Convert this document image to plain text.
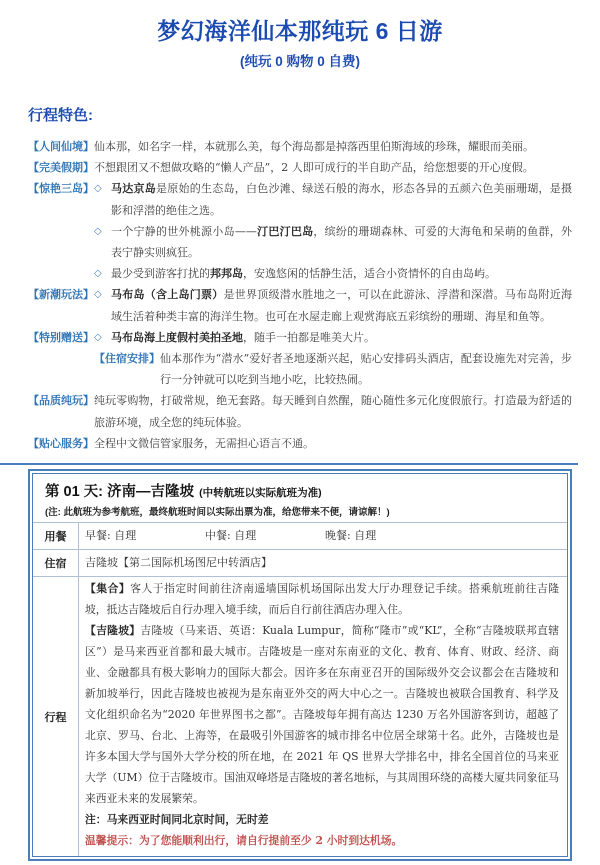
梦幻海洋仙本那纯玩 6 日游
(纯玩 0 购物 0 自费)
行程特色:
【人间仙境】 仙本那，如名字一样，本就那么美，每个海岛都是掉落西里伯斯海域的珍珠，耀眼而美丽。
【完美假期】 不想跟团又不想做攻略的“懒人产品”，2 人即可成行的半自助产品，给您想要的开心度假。
【惊艳三岛】 ◇ 马达京岛是原始的生态岛，白色沙滩、绿送石般的海水，形态各异的五颜六色美丽珊瑚，是摄影和浮潜的绝佳之选。
◇ 一个宁静的世外桃源小岛——汀巴汀巴岛，缤纷的珊瑚森林、可爱的大海龟和呆萌的鱼群，外表宁静实则疯狂。
◇ 最少受到游客打扰的邦邦岛，安逸悠闲的恬静生活，适合小资情怀的自由岛屿。
【新潮玩法】 ◇ 马布岛（含上岛门票）是世界顶级潜水胜地之一，可以在此游泳、浮潜和深潜。马布岛附近海域生活着种类丰富的海洋生物。也可在水屋走廊上观赏海底五彩缤纷的珊瑚、海星和鱼等。
【特别赠送】 ◇ 马布岛海上度假村美拍圣地，随手一拍都是唯美大片。
【住宿安排】 仙本那作为“潜水”爱好者圣地逐渐兴起，贴心安排码头酒店，配套设施先对完善，步行一分钟就可以吃到当地小吃，比较热闹。
【品质纯玩】 纯玩零购物，打破常规，绝无套路。每天睡到自然醒，随心随性多元化度假旅行。打造最为舒适的旅游环境，成全您的纯玩体验。
【贴心服务】 全程中文微信管家服务，无需担心语言不通。
第 01 天: 济南—吉隆坡 (中转航班以实际航班为准)
(注: 此航班为参考航班，最终航班时间以实际出票为准，给您带来不便，请谅解！)
用餐	早餐: 自理	中餐: 自理	晚餐: 自理
住宿	吉隆坡【第二国际机场图尼中转酒店】
行程

【集合】客人于指定时间前往济南遥墙国际机场国际出发大厅办理登记手续。搭乘航班前往吉隆坡，抵达吉隆坡后自行办理入境手续，而后自行前往酒店办理入住。

【吉隆坡】吉隆坡（马来语、英语：Kuala Lumpur，简称“隆市”或“KL”，全称“吉隆坡联邦直辖区”）是马来西亚首都和最大城市。吉隆坡是一座对东南亚的文化、教育、体育、财政、经济、商业、金融都具有极大影响力的国际大都会。因许多在东南亚召开的国际级外交会议都会在吉隆坡和新加坡举行，因此吉隆坡也被视为是东南亚外交的两大中心之一。吉隆坡也被联合国教育、科学及文化组织命名为“2020 年世界图书之都”。吉隆坡每年拥有高达 1230 万名外国游客到访，超越了北京、罗马、台北、上海等，在最吸引外国游客的城市排名中位居全球第十名。此外，吉隆坡也是许多本国大学与国外大学分校的所在地，在 2021 年 QS 世界大学排名中，排名全国首位的马来亚大学（UM）位于吉隆坡市。国油双峰塔是吉隆坡的著名地标，与其周围环绕的高楼大厦共同象征马来西亚未来的发展繁荣。

注：马来西亚时间同北京时间，无时差

温馨提示：为了您能顺利出行，请自行提前至少 2 小时到达机场。
